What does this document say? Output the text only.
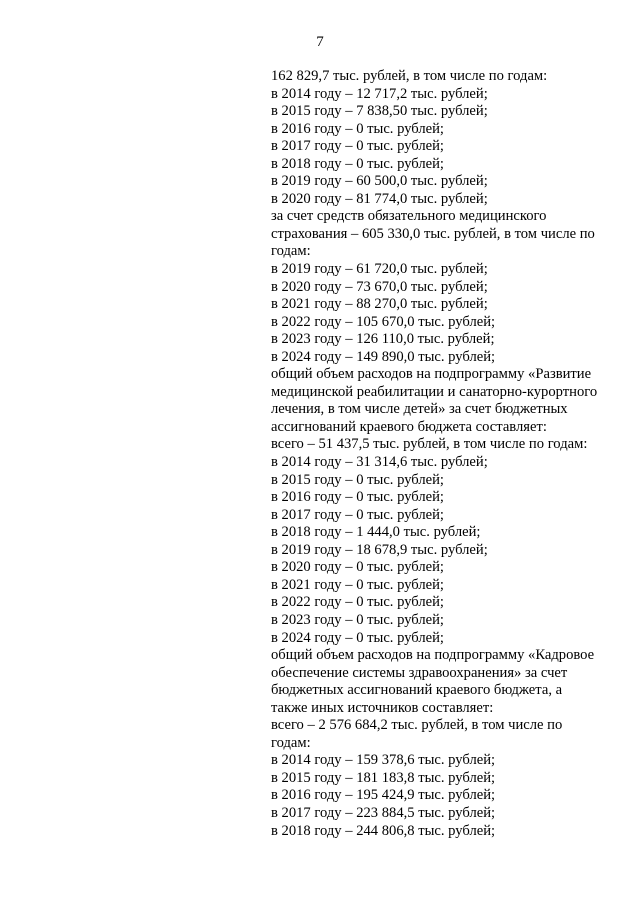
7
162 829,7 тыс. рублей, в том числе по годам:
в 2014 году – 12 717,2 тыс. рублей;
в 2015 году – 7 838,50 тыс. рублей;
в 2016 году – 0 тыс. рублей;
в 2017 году – 0 тыс. рублей;
в 2018 году – 0 тыс. рублей;
в 2019 году – 60 500,0 тыс. рублей;
в 2020 году – 81 774,0 тыс. рублей;
за счет средств обязательного медицинского
страхования – 605 330,0 тыс. рублей, в том числе по
годам:
в 2019 году – 61 720,0 тыс. рублей;
в 2020 году – 73 670,0 тыс. рублей;
в 2021 году – 88 270,0 тыс. рублей;
в 2022 году – 105 670,0 тыс. рублей;
в 2023 году – 126 110,0 тыс. рублей;
в 2024 году – 149 890,0 тыс. рублей;
общий объем расходов на подпрограмму «Развитие
медицинской реабилитации и санаторно-курортного
лечения, в том числе детей» за счет бюджетных
ассигнований краевого бюджета составляет:
всего – 51 437,5 тыс. рублей, в том числе по годам:
в 2014 году – 31 314,6 тыс. рублей;
в 2015 году – 0 тыс. рублей;
в 2016 году – 0 тыс. рублей;
в 2017 году – 0 тыс. рублей;
в 2018 году – 1 444,0 тыс. рублей;
в 2019 году – 18 678,9 тыс. рублей;
в 2020 году – 0 тыс. рублей;
в 2021 году – 0 тыс. рублей;
в 2022 году – 0 тыс. рублей;
в 2023 году – 0 тыс. рублей;
в 2024 году – 0 тыс. рублей;
общий объем расходов на подпрограмму «Кадровое
обеспечение системы здравоохранения» за счет
бюджетных ассигнований краевого бюджета, а
также иных источников составляет:
всего – 2 576 684,2 тыс. рублей, в том числе по
годам:
в 2014 году – 159 378,6 тыс. рублей;
в 2015 году – 181 183,8 тыс. рублей;
в 2016 году – 195 424,9 тыс. рублей;
в 2017 году – 223 884,5 тыс. рублей;
в 2018 году – 244 806,8 тыс. рублей;
